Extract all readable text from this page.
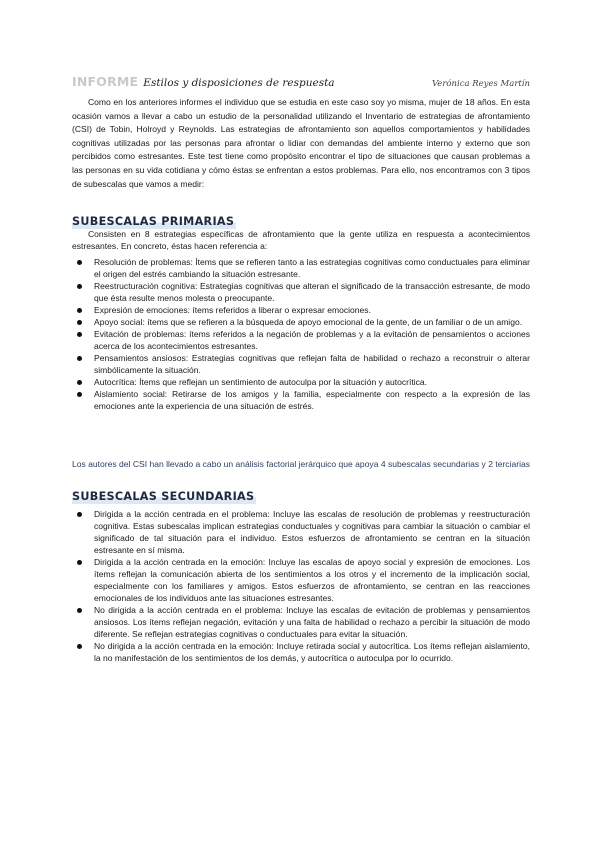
INFORME Estilos y disposiciones de respuesta	Verónica Reyes Martín

Como en los anteriores informes el individuo que se estudia en este caso soy yo misma, mujer de 18 años. En esta ocasión vamos a llevar a cabo un estudio de la personalidad utilizando el Inventario de estrategias de afrontamiento (CSI) de Tobin, Holroyd y Reynolds. Las estrategias de afrontamiento son aquellos comportamientos y habilidades cognitivas utilizadas por las personas para afrontar o lidiar con demandas del ambiente interno y externo que son percibidos como estresantes. Este test tiene como propósito encontrar el tipo de situaciones que causan problemas a las personas en su vida cotidiana y cómo éstas se enfrentan a estos problemas. Para ello, nos encontramos con 3 tipos de subescalas que vamos a medir:

SUBESCALAS PRIMARIAS

Consisten en 8 estrategias específicas de afrontamiento que la gente utiliza en respuesta a acontecimientos estresantes. En concreto, éstas hacen referencia a:

Resolución de problemas: Ítems que se refieren tanto a las estrategias cognitivas como conductuales para eliminar el origen del estrés cambiando la situación estresante.
Reestructuración cognitiva: Estrategias cognitivas que alteran el significado de la transacción estresante, de modo que ésta resulte menos molesta o preocupante.
Expresión de emociones: ítems referidos a liberar o expresar emociones.
Apoyo social: ítems que se refieren a la búsqueda de apoyo emocional de la gente, de un familiar o de un amigo.
Evitación de problemas: ítems referidos a la negación de problemas y a la evitación de pensamientos o acciones acerca de los acontecimientos estresantes.
Pensamientos ansiosos: Estrategias cognitivas que reflejan falta de habilidad o rechazo a reconstruir o alterar simbólicamente la situación.
Autocrítica: Ítems que reflejan un sentimiento de autoculpa por la situación y autocrítica.
Aislamiento social: Retirarse de los amigos y la familia, especialmente con respecto a la expresión de las emociones ante la experiencia de una situación de estrés.

Los autores del CSI han llevado a cabo un análisis factorial jerárquico que apoya 4 subescalas secundarias y 2 terciarias

SUBESCALAS SECUNDARIAS
Dirigida a la acción centrada en el problema: Incluye las escalas de resolución de problemas y reestructuración cognitiva. Estas subescalas implican estrategias conductuales y cognitivas para cambiar la situación o cambiar el significado de tal situación para el individuo. Estos esfuerzos de afrontamiento se centran en la situación estresante en sí misma.
Dirigida a la acción centrada en la emoción: Incluye las escalas de apoyo social y expresión de emociones. Los ítems reflejan la comunicación abierta de los sentimientos a los otros y el incremento de la implicación social, especialmente con los familiares y amigos. Estos esfuerzos de afrontamiento, se centran en las reacciones emocionales de los individuos ante las situaciones estresantes.
No dirigida a la acción centrada en el problema: Incluye las escalas de evitación de problemas y pensamientos ansiosos. Los ítems reflejan negación, evitación y una falta de habilidad o rechazo a percibir la situación de modo diferente. Se reflejan estrategias cognitivas o conductuales para evitar la situación.
No dirigida a la acción centrada en la emoción: Incluye retirada social y autocrítica. Los ítems reflejan aislamiento, la no manifestación de los sentimientos de los demás, y autocrítica o autoculpa por lo ocurrido.
